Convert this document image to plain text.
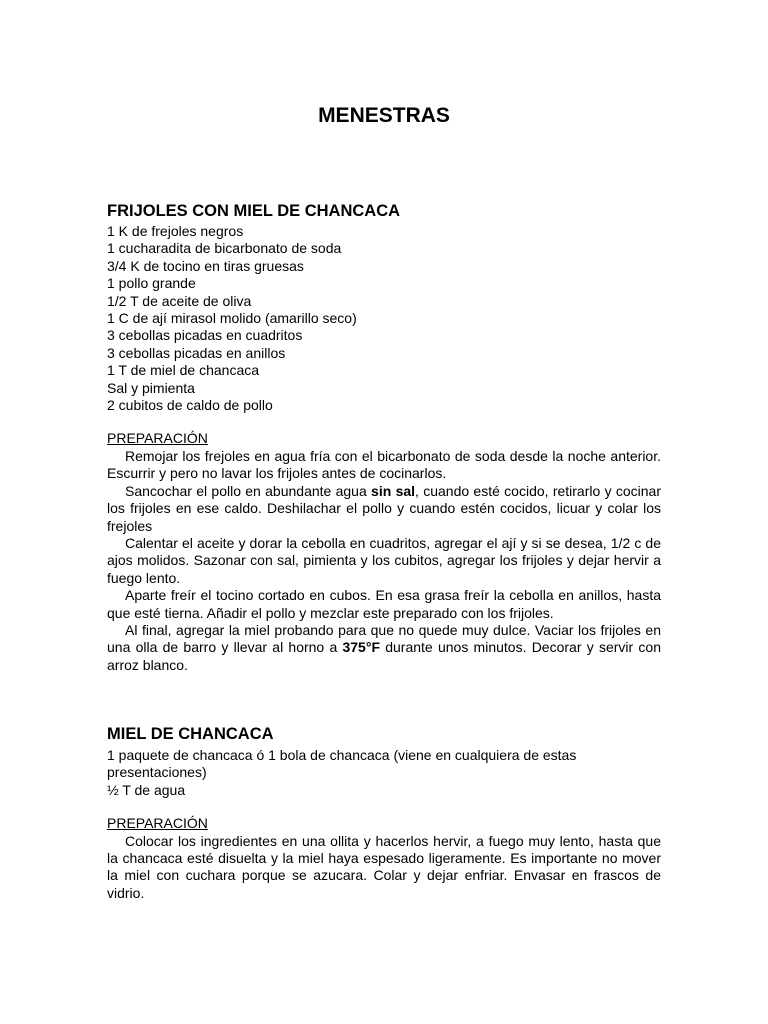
MENESTRAS
FRIJOLES CON MIEL DE CHANCACA
1 K de frejoles negros
1 cucharadita de bicarbonato de soda
3/4 K de tocino en tiras gruesas
1 pollo grande
1/2 T de aceite de oliva
1 C de ají mirasol molido (amarillo seco)
3 cebollas picadas en cuadritos
3 cebollas picadas en anillos
1 T de miel de chancaca
Sal y pimienta
2 cubitos de caldo de pollo

PREPARACIÓN

Remojar los frejoles en agua fría con el bicarbonato de soda desde la noche anterior. Escurrir y pero no lavar los frijoles antes de cocinarlos.

Sancochar el pollo en abundante agua sin sal, cuando esté cocido, retirarlo y cocinar los frijoles en ese caldo. Deshilachar el pollo y cuando estén cocidos, licuar y colar los frejoles

Calentar el aceite y dorar la cebolla en cuadritos, agregar el ají y si se desea, 1/2 c de ajos molidos. Sazonar con sal, pimienta y los cubitos, agregar los frijoles y dejar hervir a fuego lento.

Aparte freír el tocino cortado en cubos. En esa grasa freír la cebolla en anillos, hasta que esté tierna. Añadir el pollo y mezclar este preparado con los frijoles.

Al final, agregar la miel probando para que no quede muy dulce. Vaciar los frijoles en una olla de barro y llevar al horno a 375°F durante unos minutos. Decorar y servir con arroz blanco.

MIEL DE CHANCACA
1 paquete de chancaca ó 1 bola de chancaca (viene en cualquiera de estas presentaciones)
½ T de agua

PREPARACIÓN

Colocar los ingredientes en una ollita y hacerlos hervir, a fuego muy lento, hasta que la chancaca esté disuelta y la miel haya espesado ligeramente. Es importante no mover la miel con cuchara porque se azucara. Colar y dejar enfriar. Envasar en frascos de vidrio.
